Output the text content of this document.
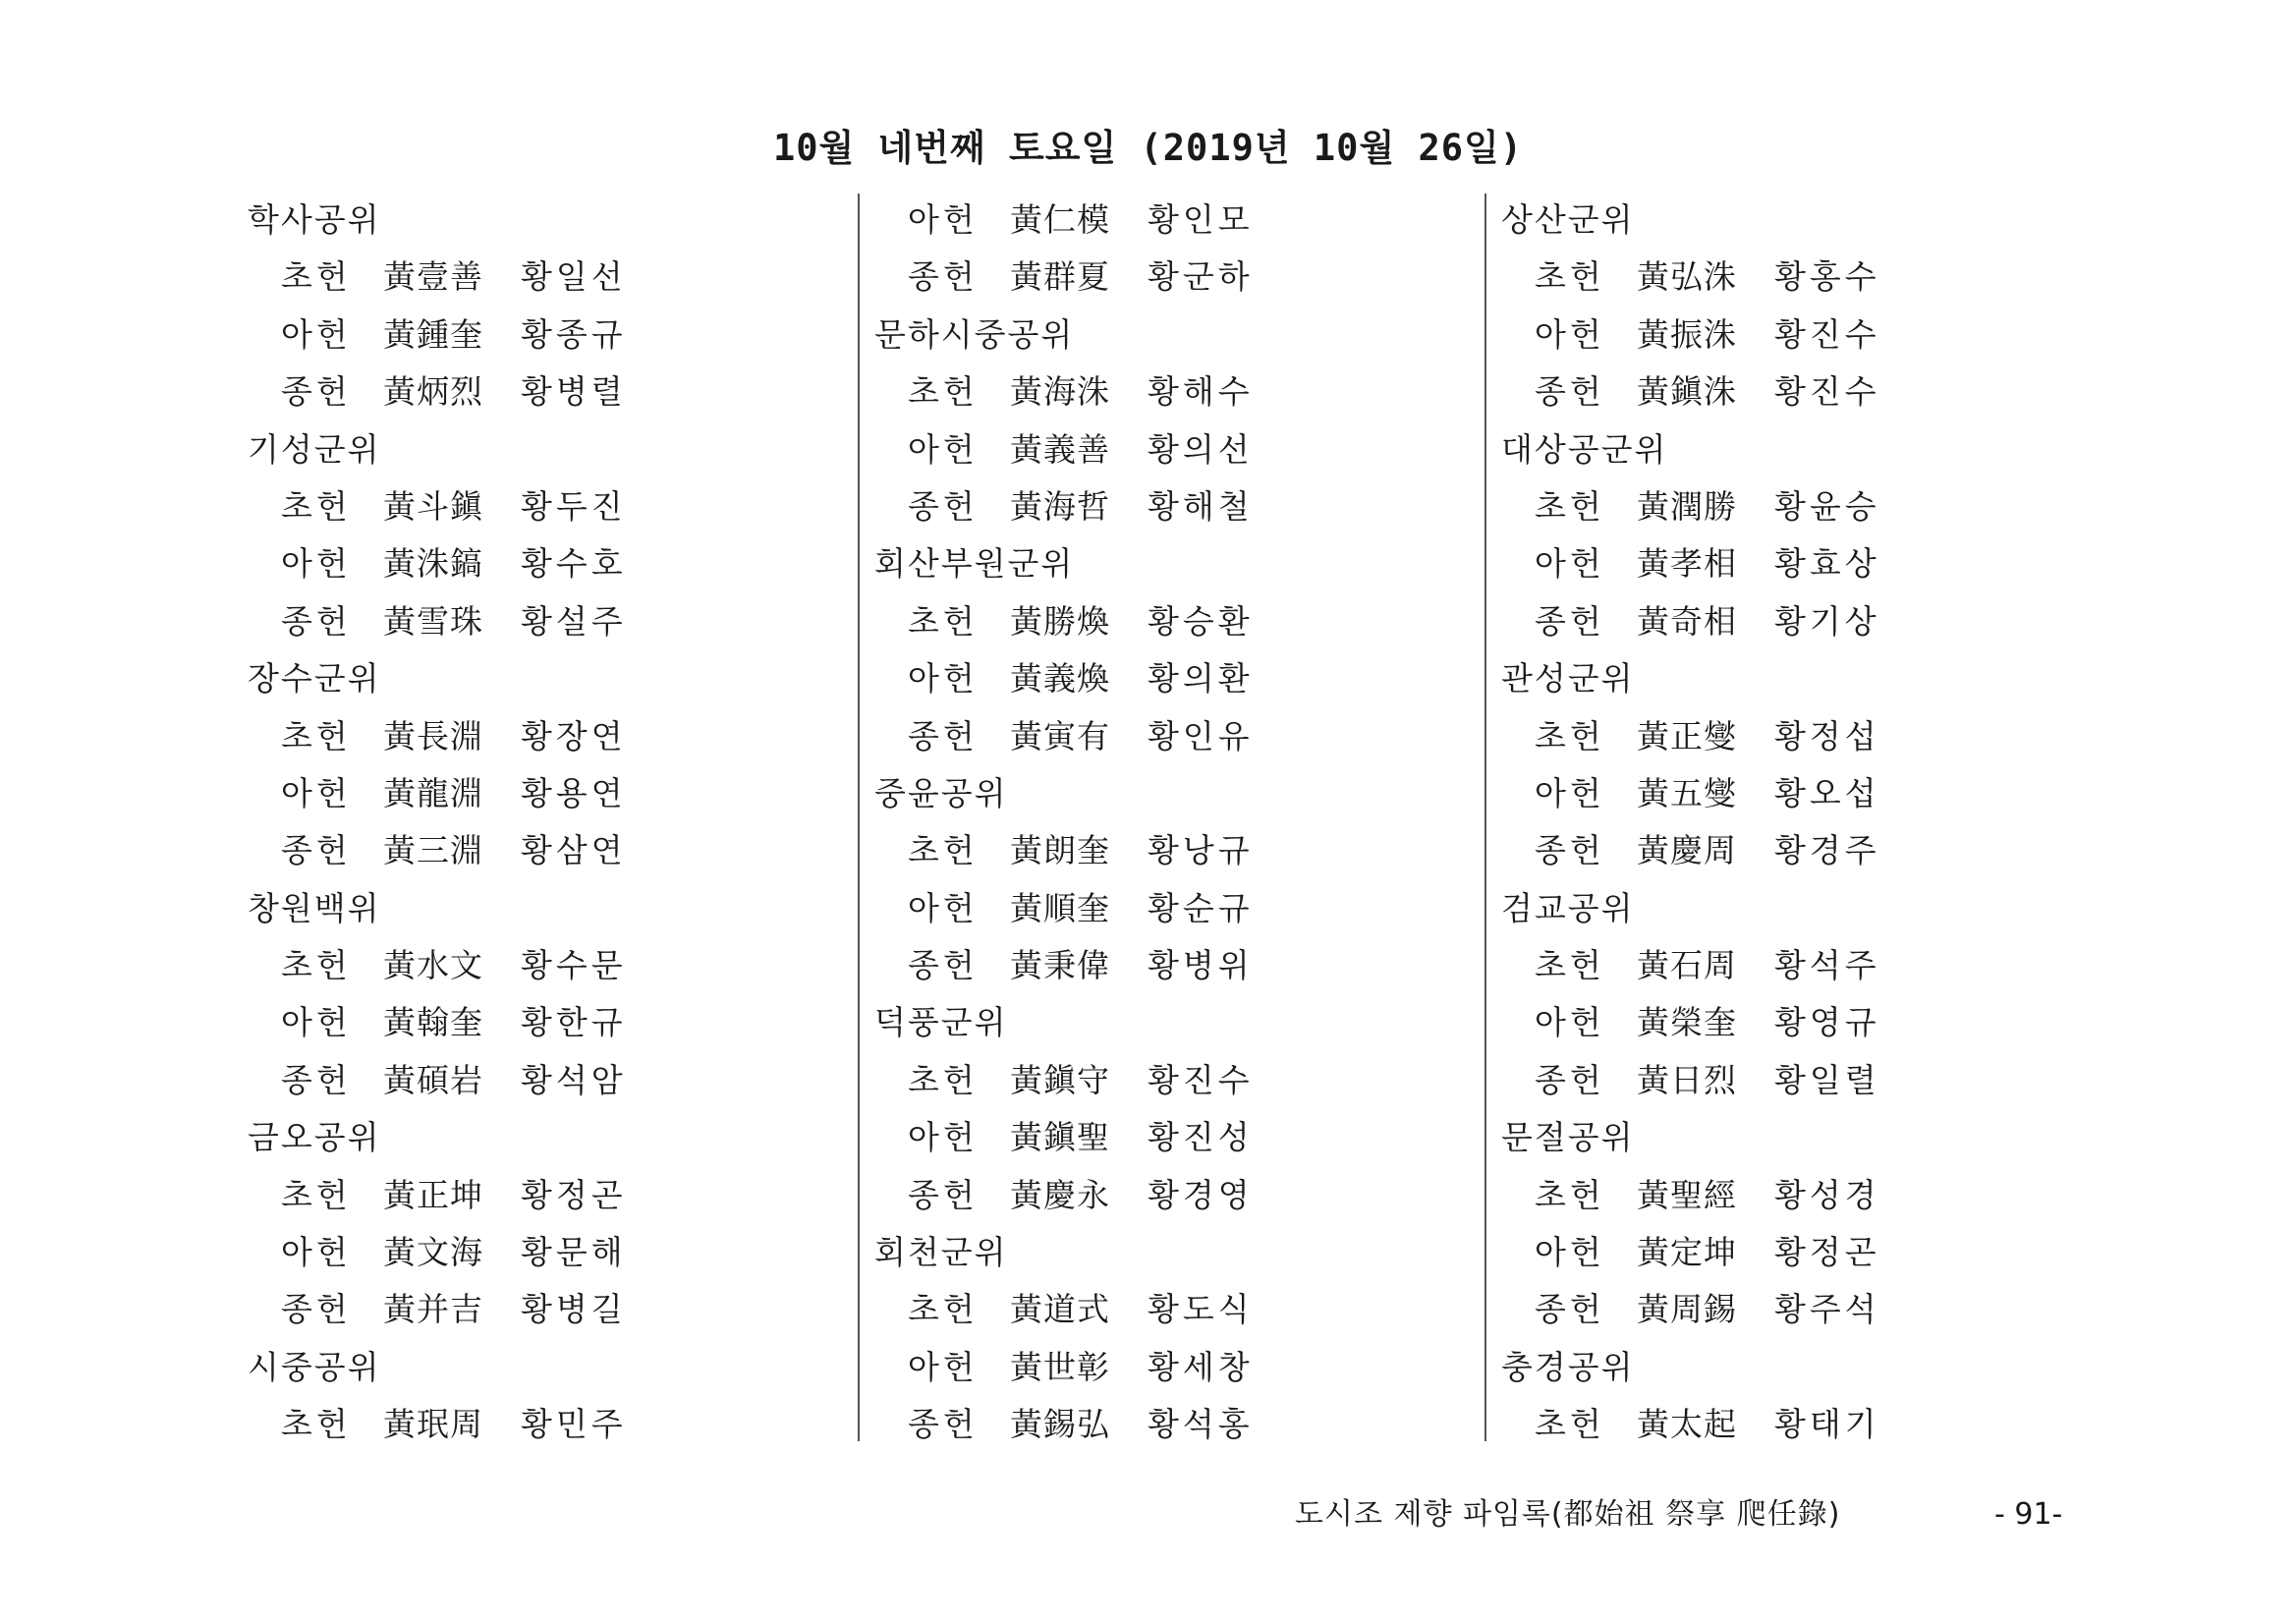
10월 네번째 토요일 (2019년 10월 26일)
학사공위
초헌 黃壹善 황일선
아헌 黃鍾奎 황종규
종헌 黃炳烈 황병렬
기성군위
초헌 黃斗鎭 황두진
아헌 黃洙鎬 황수호
종헌 黃雪珠 황설주
장수군위
초헌 黃長淵 황장연
아헌 黃龍淵 황용연
종헌 黃三淵 황삼연
창원백위
초헌 黃水文 황수문
아헌 黃翰奎 황한규
종헌 黃碩岩 황석암
금오공위
초헌 黃正坤 황정곤
아헌 黃文海 황문해
종헌 黃并吉 황병길
시중공위
초헌 黃珉周 황민주
아헌 黃仁模 황인모
종헌 黃群夏 황군하
문하시중공위
초헌 黃海洙 황해수
아헌 黃義善 황의선
종헌 黃海哲 황해철
회산부원군위
초헌 黃勝煥 황승환
아헌 黃義煥 황의환
종헌 黃寅有 황인유
중윤공위
초헌 黃朗奎 황낭규
아헌 黃順奎 황순규
종헌 黃秉偉 황병위
덕풍군위
초헌 黃鎭守 황진수
아헌 黃鎭聖 황진성
종헌 黃慶永 황경영
회천군위
초헌 黃道式 황도식
아헌 黃世彰 황세창
종헌 黃錫弘 황석홍
상산군위
초헌 黃弘洙 황홍수
아헌 黃振洙 황진수
종헌 黃鎭洙 황진수
대상공군위
초헌 黃潤勝 황윤승
아헌 黃孝相 황효상
종헌 黃奇相 황기상
관성군위
초헌 黃正燮 황정섭
아헌 黃五燮 황오섭
종헌 黃慶周 황경주
검교공위
초헌 黃石周 황석주
아헌 黃榮奎 황영규
종헌 黃日烈 황일렬
문절공위
초헌 黃聖經 황성경
아헌 黃定坤 황정곤
종헌 黃周錫 황주석
충경공위
초헌 黃太起 황태기
도시조 제향 파임록(都始祖 祭享 爬任錄)	- 91-
